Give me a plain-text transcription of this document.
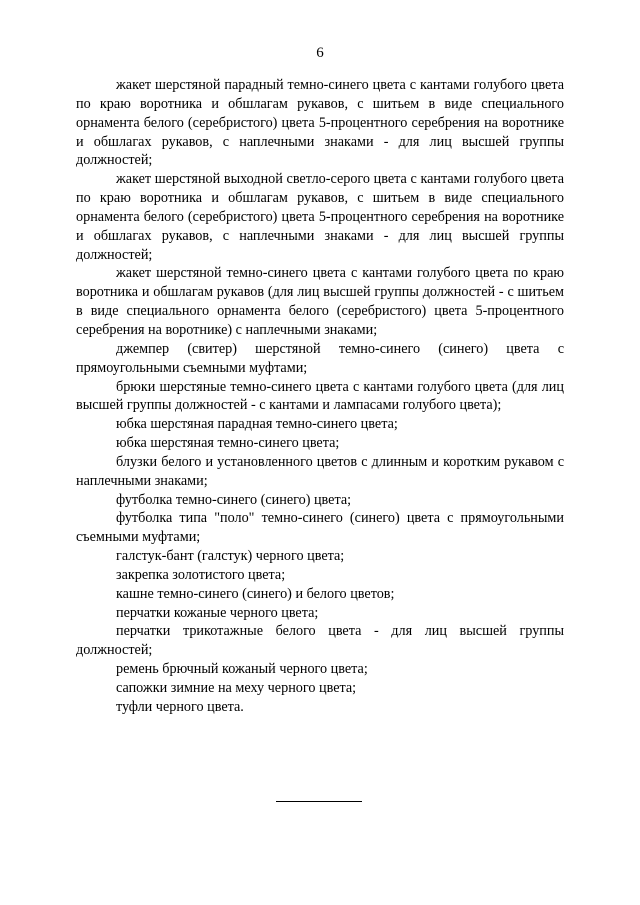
6

жакет шерстяной парадный темно-синего цвета с кантами голубого цвета по краю воротника и обшлагам рукавов, с шитьем в виде специального орнамента белого (серебристого) цвета 5-процентного серебрения на воротнике и обшлагах рукавов, с наплечными знаками - для лиц высшей группы должностей;

жакет шерстяной выходной светло-серого цвета с кантами голубого цвета по краю воротника и обшлагам рукавов, с шитьем в виде специального орнамента белого (серебристого) цвета 5-процентного серебрения на воротнике и обшлагах рукавов, с наплечными знаками - для лиц высшей группы должностей;

жакет шерстяной темно-синего цвета с кантами голубого цвета по краю воротника и обшлагам рукавов (для лиц высшей группы должностей - с шитьем в виде специального орнамента белого (серебристого) цвета 5-процентного серебрения на воротнике) с наплечными знаками;

джемпер (свитер) шерстяной темно-синего (синего) цвета с прямоугольными съемными муфтами;

брюки шерстяные темно-синего цвета с кантами голубого цвета (для лиц высшей группы должностей - с кантами и лампасами голубого цвета);

юбка шерстяная парадная темно-синего цвета;

юбка шерстяная темно-синего цвета;

блузки белого и установленного цветов с длинным и коротким рукавом с наплечными знаками;

футболка темно-синего (синего) цвета;

футболка типа "поло" темно-синего (синего) цвета с прямоугольными съемными муфтами;

галстук-бант (галстук) черного цвета;

закрепка золотистого цвета;

кашне темно-синего (синего) и белого цветов;

перчатки кожаные черного цвета;

перчатки трикотажные белого цвета - для лиц высшей группы должностей;

ремень брючный кожаный черного цвета;

сапожки зимние на меху черного цвета;

туфли черного цвета.
